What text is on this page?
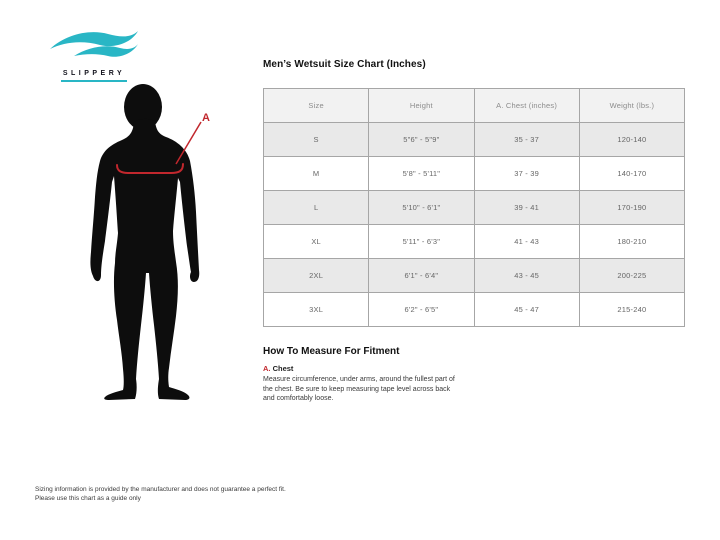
SLIPPERY
A
Men’s Wetsuit Size Chart (Inches)
Size	Height	A. Chest (inches)	Weight (lbs.)
S	5"6" - 5"9"	35 - 37	120-140
M	5'8" - 5'11"	37 - 39	140-170
L	5'10" - 6'1"	39 - 41	170-190
XL	5'11" - 6'3"	41 - 43	180-210
2XL	6'1" - 6'4"	43 - 45	200-225
3XL	6'2" - 6'5"	45 - 47	215-240
How To Measure For Fitment
A. Chest

Measure circumference, under arms, around the fullest part of the chest. Be sure to keep measuring tape level across back and comfortably loose.

Sizing information is provided by the manufacturer and does not guarantee a perfect fit.
Please use this chart as a guide only
